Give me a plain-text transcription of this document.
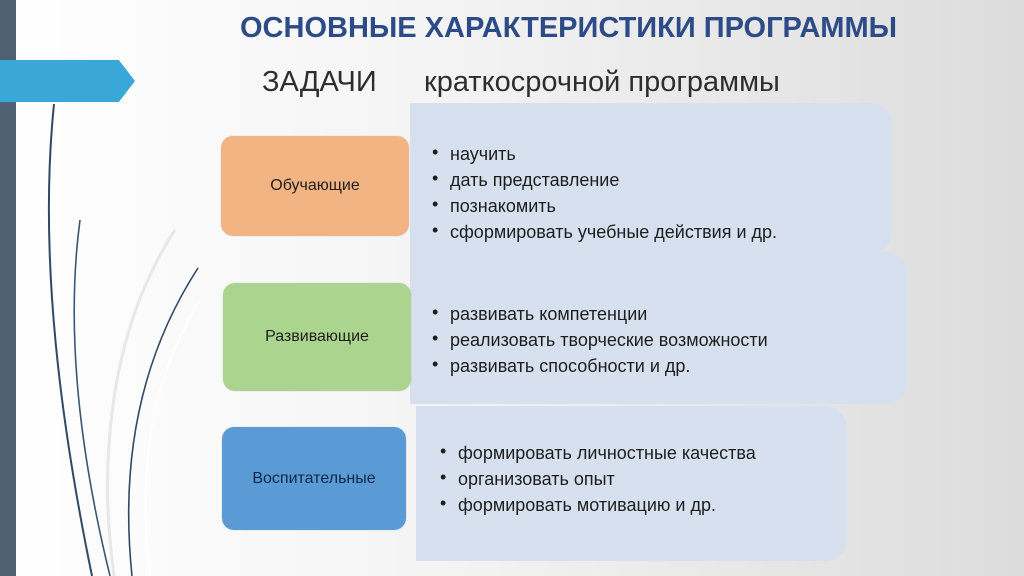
ОСНОВНЫЕ ХАРАКТЕРИСТИКИ ПРОГРАММЫ
ЗАДАЧИ краткосрочной программы
• научить
• дать представление
• познакомить
• сформировать учебные действия и др.
• развивать компетенции
• реализовать творческие возможности
• развивать способности и др.
• формировать личностные качества
• организовать опыт
• формировать мотивацию и др.
Обучающие
Развивающие
Воспитательные
